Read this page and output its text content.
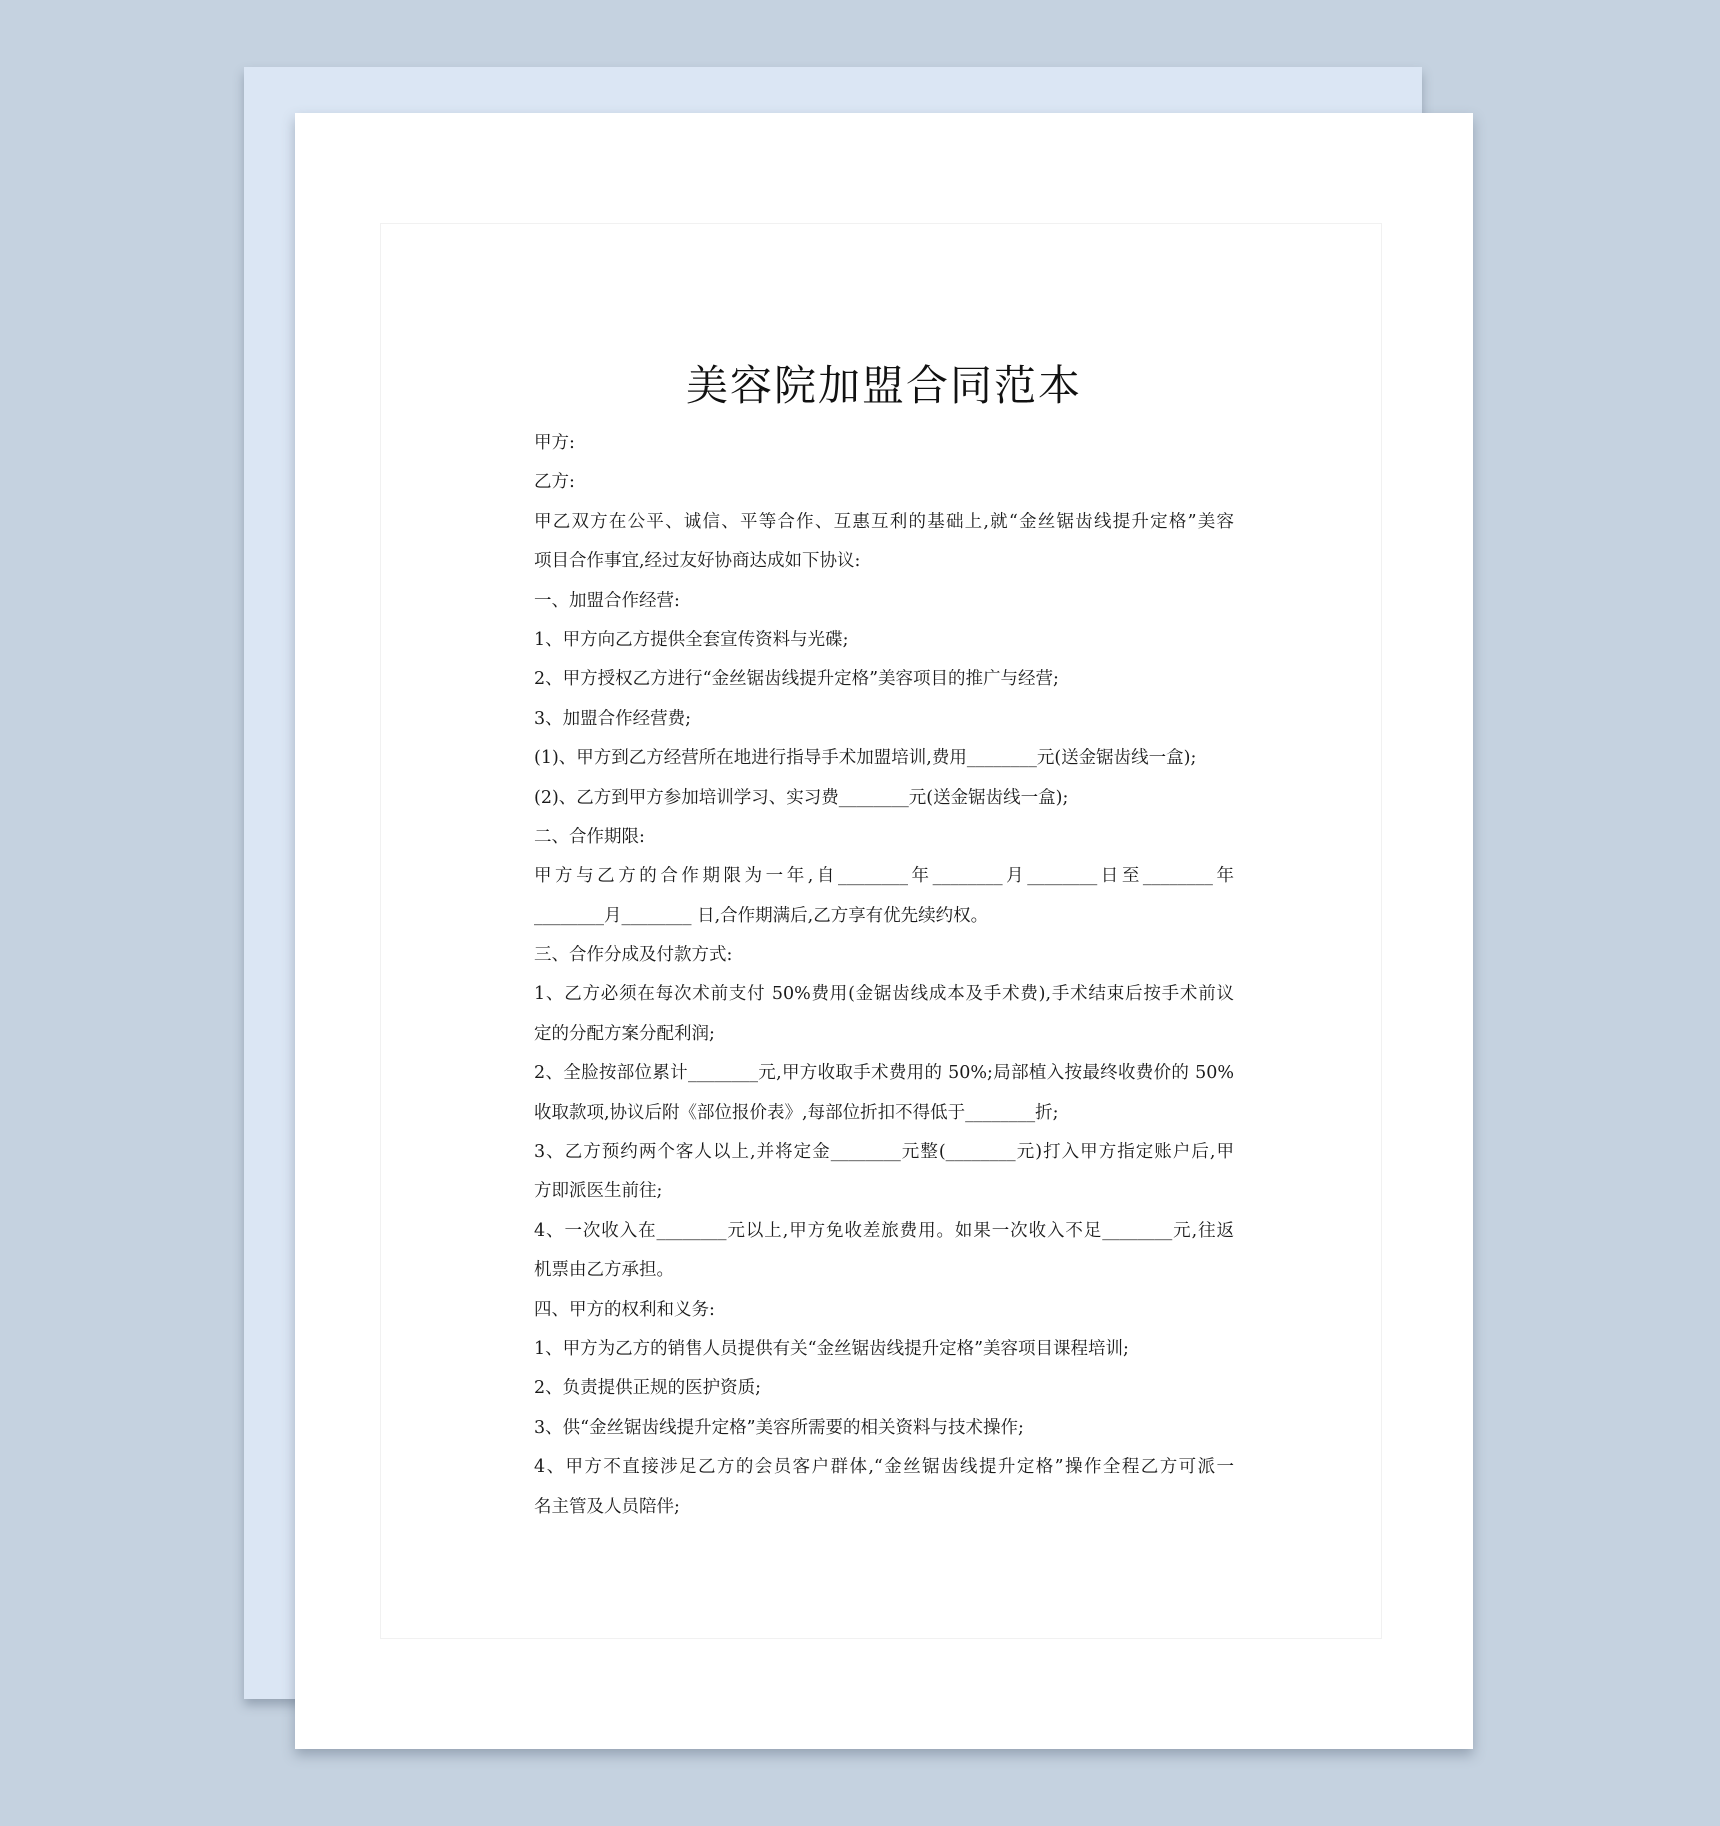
美容院加盟合同范本
甲方:
乙方:
甲乙双方在公平、诚信、平等合作、互惠互利的基础上,就“金丝锯齿线提升定格”美容
项目合作事宜,经过友好协商达成如下协议:
一、加盟合作经营:
1、甲方向乙方提供全套宣传资料与光碟;
2、甲方授权乙方进行“金丝锯齿线提升定格”美容项目的推广与经营;
3、加盟合作经营费;
(1)、甲方到乙方经营所在地进行指导手术加盟培训,费用________元(送金锯齿线一盒);
(2)、乙方到甲方参加培训学习、实习费________元(送金锯齿线一盒);
二、合作期限:
甲方与乙方的合作期限为一年,自________年________月________日至________年
________月________ 日,合作期满后,乙方享有优先续约权。
三、合作分成及付款方式:
1、乙方必须在每次术前支付 50%费用(金锯齿线成本及手术费),手术结束后按手术前议
定的分配方案分配利润;
2、全脸按部位累计________元,甲方收取手术费用的 50%;局部植入按最终收费价的 50%
收取款项,协议后附《部位报价表》,每部位折扣不得低于________折;
3、乙方预约两个客人以上,并将定金________元整(________元)打入甲方指定账户后,甲
方即派医生前往;
4、一次收入在________元以上,甲方免收差旅费用。如果一次收入不足________元,往返
机票由乙方承担。
四、甲方的权利和义务:
1、甲方为乙方的销售人员提供有关“金丝锯齿线提升定格”美容项目课程培训;
2、负责提供正规的医护资质;
3、供“金丝锯齿线提升定格”美容所需要的相关资料与技术操作;
4、甲方不直接涉足乙方的会员客户群体,“金丝锯齿线提升定格”操作全程乙方可派一
名主管及人员陪伴;
